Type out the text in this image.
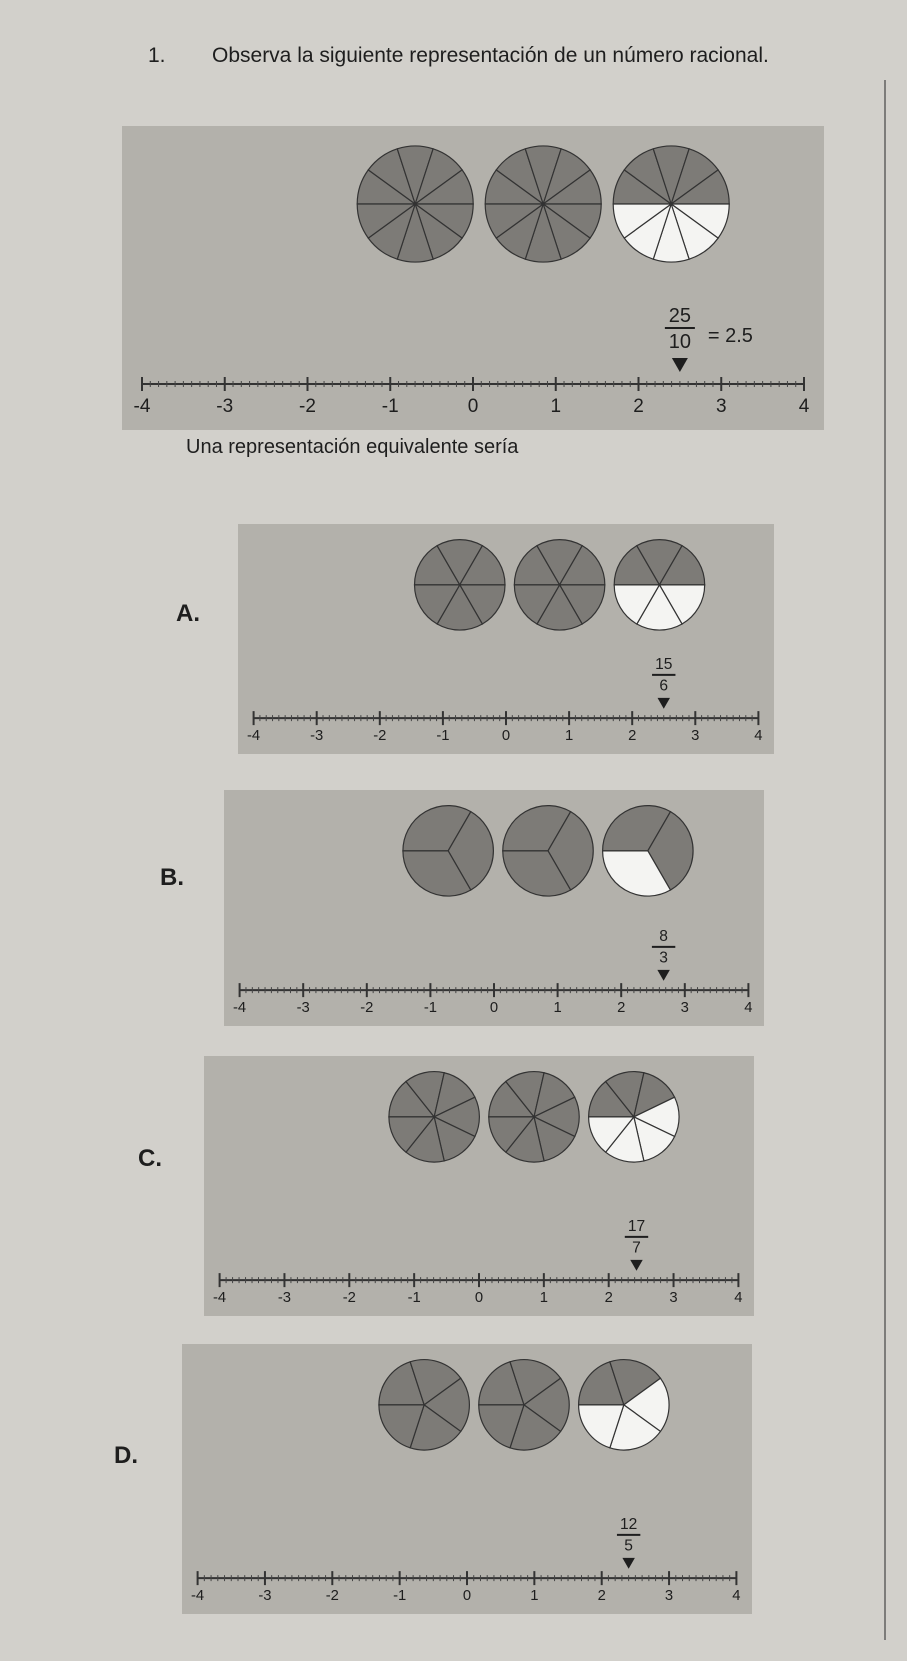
1. Observa la siguiente representación de un número racional.
-4	-3	-2	-1	0	1	2	3	4
25
10 = 2.5
Una representación equivalente sería
A.
-4	-3	-2	-1	0	1	2	3	4
15
6
B.
-4	-3	-2	-1	0	1	2	3	4
8
3
C.
-4	-3	-2	-1	0	1	2	3	4
17
7
D.
-4	-3	-2	-1	0	1	2	3	4
12
5
